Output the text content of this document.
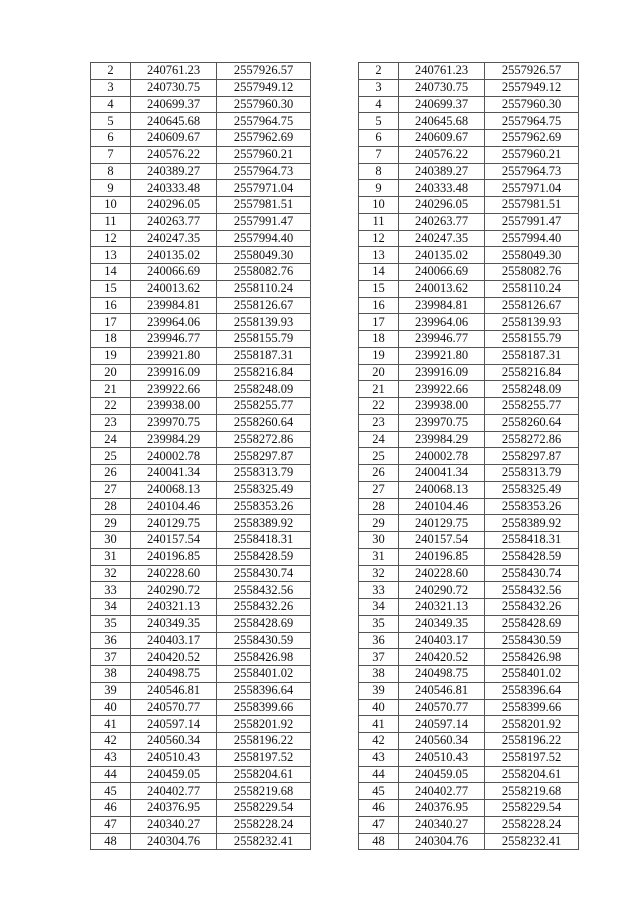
2	240761.23	2557926.57
3	240730.75	2557949.12
4	240699.37	2557960.30
5	240645.68	2557964.75
6	240609.67	2557962.69
7	240576.22	2557960.21
8	240389.27	2557964.73
9	240333.48	2557971.04
10	240296.05	2557981.51
11	240263.77	2557991.47
12	240247.35	2557994.40
13	240135.02	2558049.30
14	240066.69	2558082.76
15	240013.62	2558110.24
16	239984.81	2558126.67
17	239964.06	2558139.93
18	239946.77	2558155.79
19	239921.80	2558187.31
20	239916.09	2558216.84
21	239922.66	2558248.09
22	239938.00	2558255.77
23	239970.75	2558260.64
24	239984.29	2558272.86
25	240002.78	2558297.87
26	240041.34	2558313.79
27	240068.13	2558325.49
28	240104.46	2558353.26
29	240129.75	2558389.92
30	240157.54	2558418.31
31	240196.85	2558428.59
32	240228.60	2558430.74
33	240290.72	2558432.56
34	240321.13	2558432.26
35	240349.35	2558428.69
36	240403.17	2558430.59
37	240420.52	2558426.98
38	240498.75	2558401.02
39	240546.81	2558396.64
40	240570.77	2558399.66
41	240597.14	2558201.92
42	240560.34	2558196.22
43	240510.43	2558197.52
44	240459.05	2558204.61
45	240402.77	2558219.68
46	240376.95	2558229.54
47	240340.27	2558228.24
48	240304.76	2558232.41
2	240761.23	2557926.57
3	240730.75	2557949.12
4	240699.37	2557960.30
5	240645.68	2557964.75
6	240609.67	2557962.69
7	240576.22	2557960.21
8	240389.27	2557964.73
9	240333.48	2557971.04
10	240296.05	2557981.51
11	240263.77	2557991.47
12	240247.35	2557994.40
13	240135.02	2558049.30
14	240066.69	2558082.76
15	240013.62	2558110.24
16	239984.81	2558126.67
17	239964.06	2558139.93
18	239946.77	2558155.79
19	239921.80	2558187.31
20	239916.09	2558216.84
21	239922.66	2558248.09
22	239938.00	2558255.77
23	239970.75	2558260.64
24	239984.29	2558272.86
25	240002.78	2558297.87
26	240041.34	2558313.79
27	240068.13	2558325.49
28	240104.46	2558353.26
29	240129.75	2558389.92
30	240157.54	2558418.31
31	240196.85	2558428.59
32	240228.60	2558430.74
33	240290.72	2558432.56
34	240321.13	2558432.26
35	240349.35	2558428.69
36	240403.17	2558430.59
37	240420.52	2558426.98
38	240498.75	2558401.02
39	240546.81	2558396.64
40	240570.77	2558399.66
41	240597.14	2558201.92
42	240560.34	2558196.22
43	240510.43	2558197.52
44	240459.05	2558204.61
45	240402.77	2558219.68
46	240376.95	2558229.54
47	240340.27	2558228.24
48	240304.76	2558232.41
